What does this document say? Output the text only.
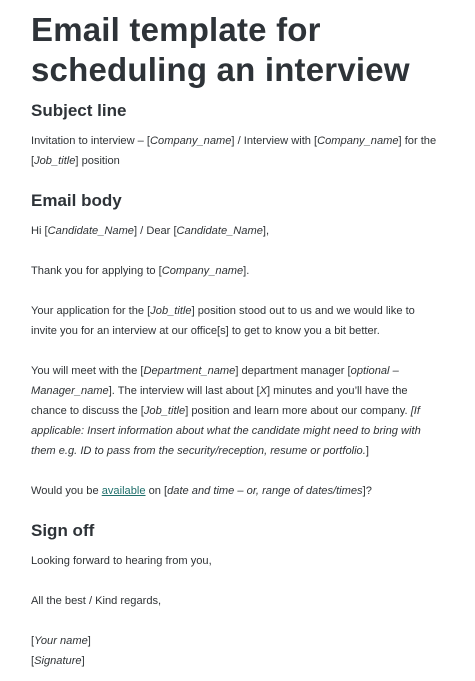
Email template for
scheduling an interview
Subject line

Invitation to interview – [Company_name] / Interview with [Company_name] for the

[Job_title] position

Email body

Hi [Candidate_Name] / Dear [Candidate_Name],

Thank you for applying to [Company_name].

Your application for the [Job_title] position stood out to us and we would like to

invite you for an interview at our office[s] to get to know you a bit better.

You will meet with the [Department_name] department manager [optional –

Manager_name]. The interview will last about [X] minutes and you’ll have the

chance to discuss the [Job_title] position and learn more about our company. [If

applicable: Insert information about what the candidate might need to bring with

them e.g. ID to pass from the security/reception, resume or portfolio.]

Would you be available on [date and time – or, range of dates/times]?

Sign off

Looking forward to hearing from you,

All the best / Kind regards,

[Your name]

[Signature]
